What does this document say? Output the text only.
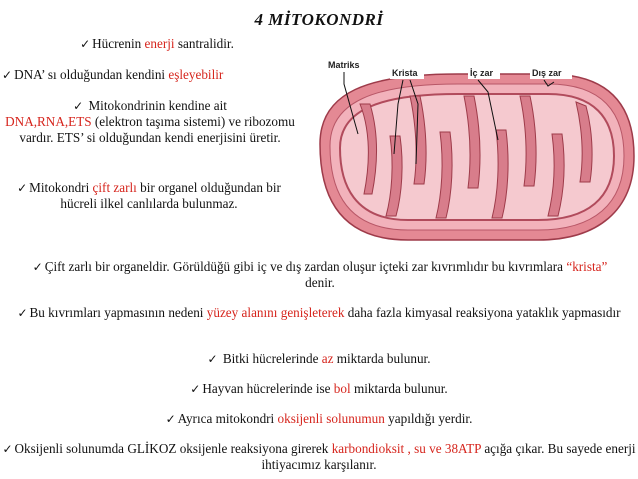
4 MİTOKONDRİ
✓ Hücrenin enerji santralidir.
✓ DNA’ sı olduğundan kendini eşleyebilir
✓ Mitokondrinin kendine ait
DNA,RNA,ETS (elektron taşıma sistemi) ve ribozomu vardır. ETS’ si olduğundan kendi enerjisini üretir.
✓ Mitokondri çift zarlı bir organel olduğundan bir hücreli ilkel canlılarda bulunmaz.
Matriks
Krista	İç zar	Dış zar
✓ Çift zarlı bir organeldir. Görüldüğü gibi iç ve dış zardan oluşur içteki zar kıvrımlıdır bu kıvrımlara “krista” denir.
✓ Bu kıvrımları yapmasının nedeni yüzey alanını genişleterek daha fazla kimyasal reaksiyona yataklık yapmasıdır
✓ Bitki hücrelerinde az miktarda bulunur.
✓ Hayvan hücrelerinde ise bol miktarda bulunur.
✓ Ayrıca mitokondri oksijenli solunumun yapıldığı yerdir.
✓ Oksijenli solunumda GLİKOZ oksijenle reaksiyona girerek karbondioksit , su ve 38ATP açığa çıkar. Bu sayede enerji ihtiyacımız karşılanır.
